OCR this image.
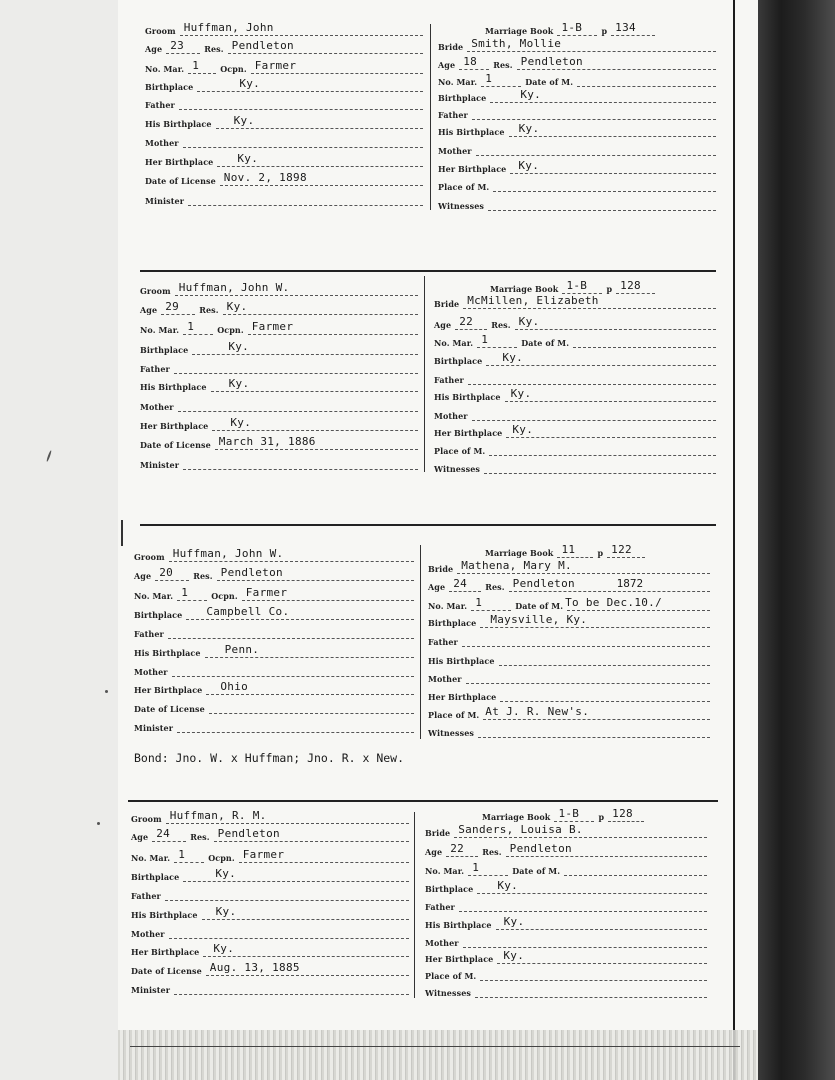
Groom Huffman, John
Age 23	Res. Pendleton
No. Mar. 1	Ocpn. Farmer
Birthplace	Ky.
Father
His Birthplace Ky.
Mother
Her Birthplace Ky.
Date of License Nov. 2, 1898
Minister
Marriage Book 1-B p 134
Bride Smith, Mollie
Age 18 Res. Pendleton
No. Mar. 1	Date of M.
Birthplace	Ky.
Father
His Birthplace Ky.
Mother
Her Birthplace Ky.
Place of M.
Witnesses
Groom Huffman, John W.
Age 29	Res. Ky.
No. Mar. 1	Ocpn. Farmer
Birthplace	Ky.
Father
His Birthplace Ky.
Mother
Her Birthplace Ky.
Date of License March 31, 1886
Minister
Marriage Book 1-B p 128
Bride McMillen, Elizabeth
Age 22 Res. Ky.
No. Mar. 1	Date of M.
Birthplace Ky.
Father
His Birthplace Ky.
Mother
Her Birthplace Ky.
Place of M.
Witnesses
Groom Huffman, John W.
Age 20	Res. Pendleton
No. Mar. 1	Ocpn. Farmer
Birthplace Campbell Co.
Father
His Birthplace Penn.
Mother
Her Birthplace Ohio
Date of License
Minister
Marriage Book 11	p 122
Bride Mathena, Mary M.
Age 24 Res. Pendleton	1872
No. Mar. 1	Date of M. To be Dec.10./
Birthplace Maysville, Ky.
Father
His Birthplace
Mother
Her Birthplace
Place of M. At J. R. New's.
Witnesses
Bond: Jno. W. x Huffman; Jno. R. x New.
Groom Huffman, R. M.
Age 24	Res. Pendleton
No. Mar. 1	Ocpn. Farmer
Birthplace	Ky.
Father
His Birthplace Ky.
Mother
Her Birthplace Ky.
Date of License Aug. 13, 1885
Minister
Marriage Book 1-B p 128
Bride Sanders, Louisa B.
Age 22 Res. Pendleton
No. Mar. 1	Date of M.
Birthplace Ky.
Father
His Birthplace Ky.
Mother
Her Birthplace Ky.
Place of M.
Witnesses
